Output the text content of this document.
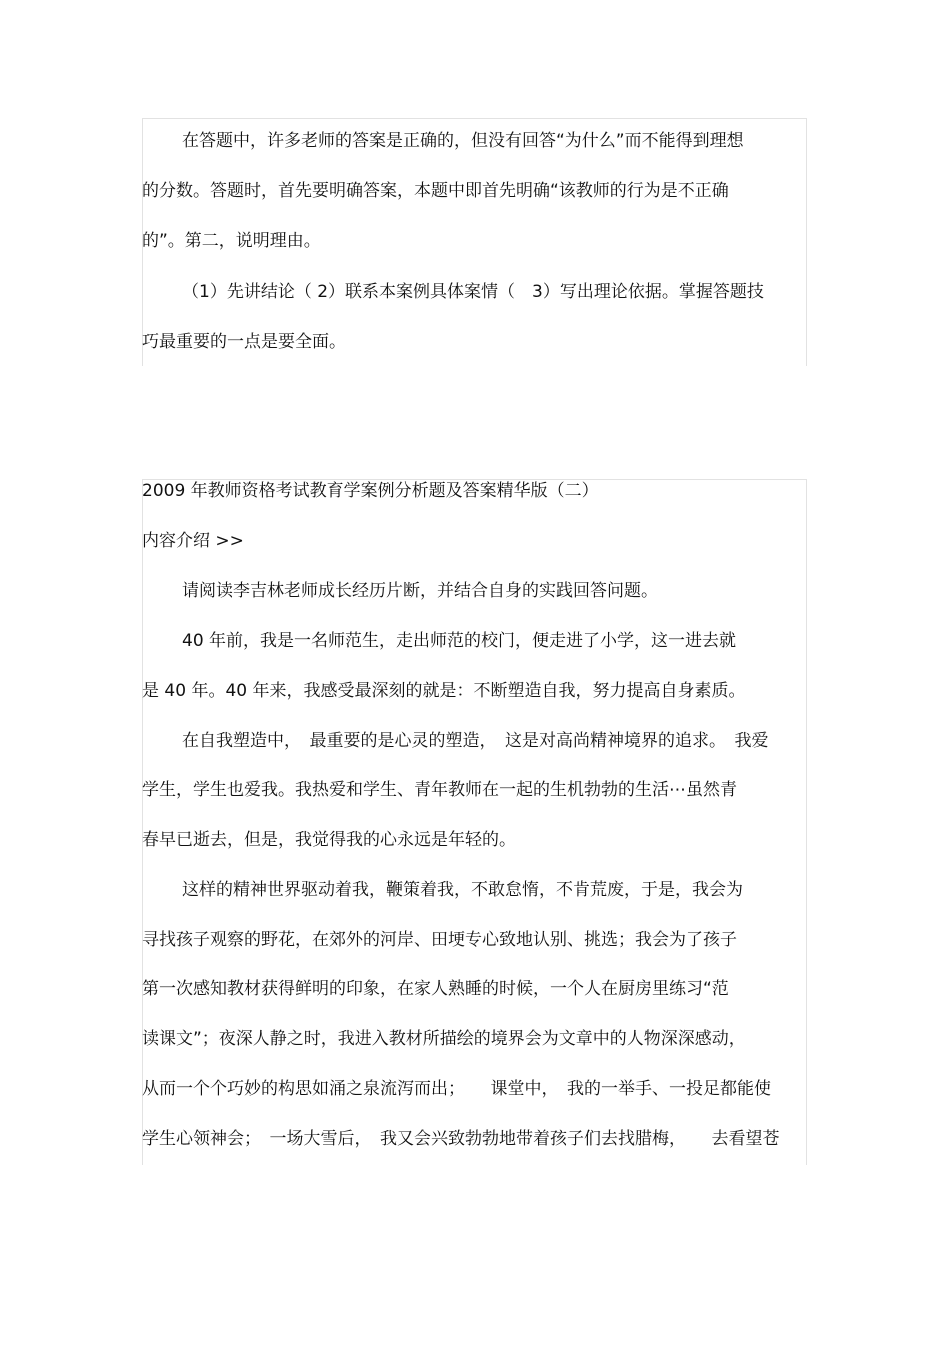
在答题中，许多老师的答案是正确的，但没有回答“为什么”而不能得到理想
的分数。答题时，首先要明确答案，本题中即首先明确“该教师的行为是不正确
的”。第二，说明理由。
（1）先讲结论（ 2）联系本案例具体案情（　3）写出理论依据。掌握答题技
巧最重要的一点是要全面。
2009 年教师资格考试教育学案例分析题及答案精华版（二）
内容介绍 >>
请阅读李吉林老师成长经历片断，并结合自身的实践回答问题。
40 年前，我是一名师范生，走出师范的校门，便走进了小学，这一进去就
是 40 年。40 年来，我感受最深刻的就是：不断塑造自我，努力提高自身素质。
在自我塑造中，　最重要的是心灵的塑造，　这是对高尚精神境界的追求。　我爱
学生，学生也爱我。我热爱和学生、青年教师在一起的生机勃勃的生活⋯虽然青
春早已逝去，但是，我觉得我的心永远是年轻的。
这样的精神世界驱动着我，鞭策着我，不敢怠惰，不肯荒废，于是，我会为
寻找孩子观察的野花，在郊外的河岸、田埂专心致地认别、挑选；我会为了孩子
第一次感知教材获得鲜明的印象，在家人熟睡的时候，一个人在厨房里练习“范
读课文”；夜深人静之时，我进入教材所描绘的境界会为文章中的人物深深感动，
从而一个个巧妙的构思如涌之泉流泻而出；　　课堂中，　我的一举手、一投足都能使
学生心领神会；　一场大雪后，　我又会兴致勃勃地带着孩子们去找腊梅，　　去看望苍
